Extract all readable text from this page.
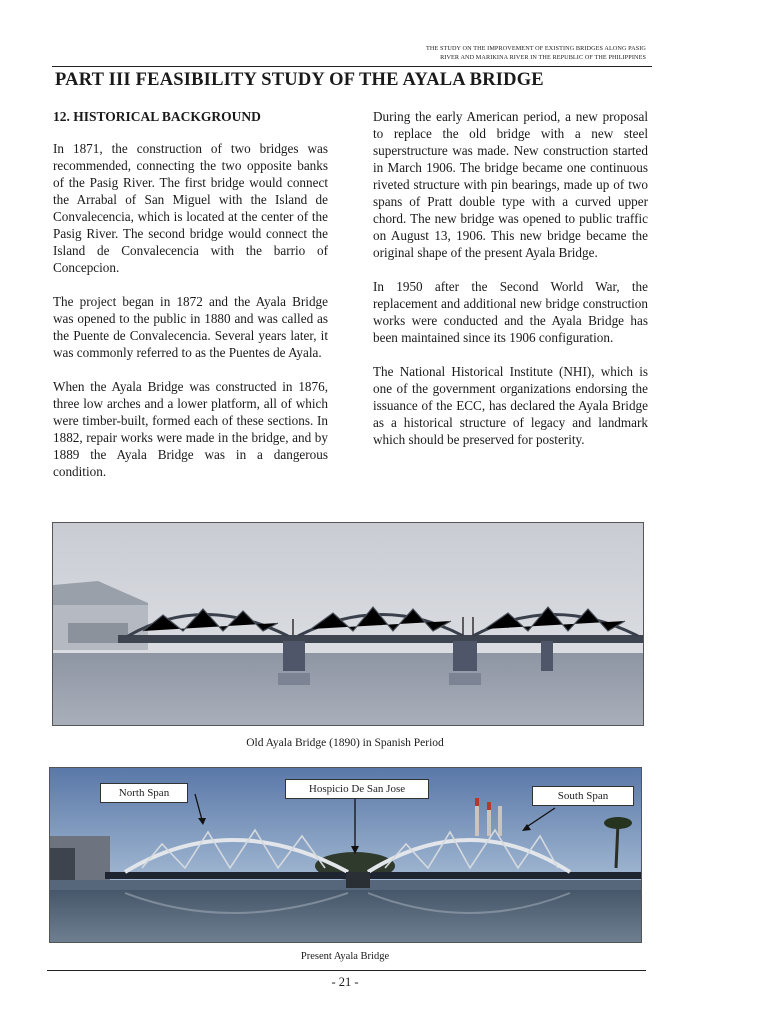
THE STUDY ON THE IMPROVEMENT OF EXISTING BRIDGES ALONG PASIG
RIVER AND MARIKINA RIVER IN THE REPUBLIC OF THE PHILIPPINES
PART III FEASIBILITY STUDY OF THE AYALA BRIDGE
12. HISTORICAL BACKGROUND

In 1871, the construction of two bridges was recommended, connecting the two opposite banks of the Pasig River. The first bridge would connect the Arrabal of San Miguel with the Island de Convalecencia, which is located at the center of the Pasig River. The second bridge would connect the Island de Convalecencia with the barrio of Concepcion.

The project began in 1872 and the Ayala Bridge was opened to the public in 1880 and was called as the Puente de Convalecencia. Several years later, it was commonly referred to as the Puentes de Ayala.

When the Ayala Bridge was constructed in 1876, three low arches and a lower platform, all of which were timber-built, formed each of these sections. In 1882, repair works were made in the bridge, and by 1889 the Ayala Bridge was in a dangerous condition.

During the early American period, a new proposal to replace the old bridge with a new steel superstructure was made. New construction started in March 1906. The bridge became one continuous riveted structure with pin bearings, made up of two spans of Pratt double type with a curved upper chord. The new bridge was opened to public traffic on August 13, 1906. This new bridge became the original shape of the present Ayala Bridge.

In 1950 after the Second World War, the replacement and additional new bridge construction works were conducted and the Ayala Bridge has been maintained since its 1906 configuration.

The National Historical Institute (NHI), which is one of the government organizations endorsing the issuance of the ECC, has declared the Ayala Bridge as a historical structure of legacy and landmark which should be preserved for posterity.

Old Ayala Bridge (1890) in Spanish Period
North Span	Hospicio De San Jose
South Span
Present Ayala Bridge
- 21 -
